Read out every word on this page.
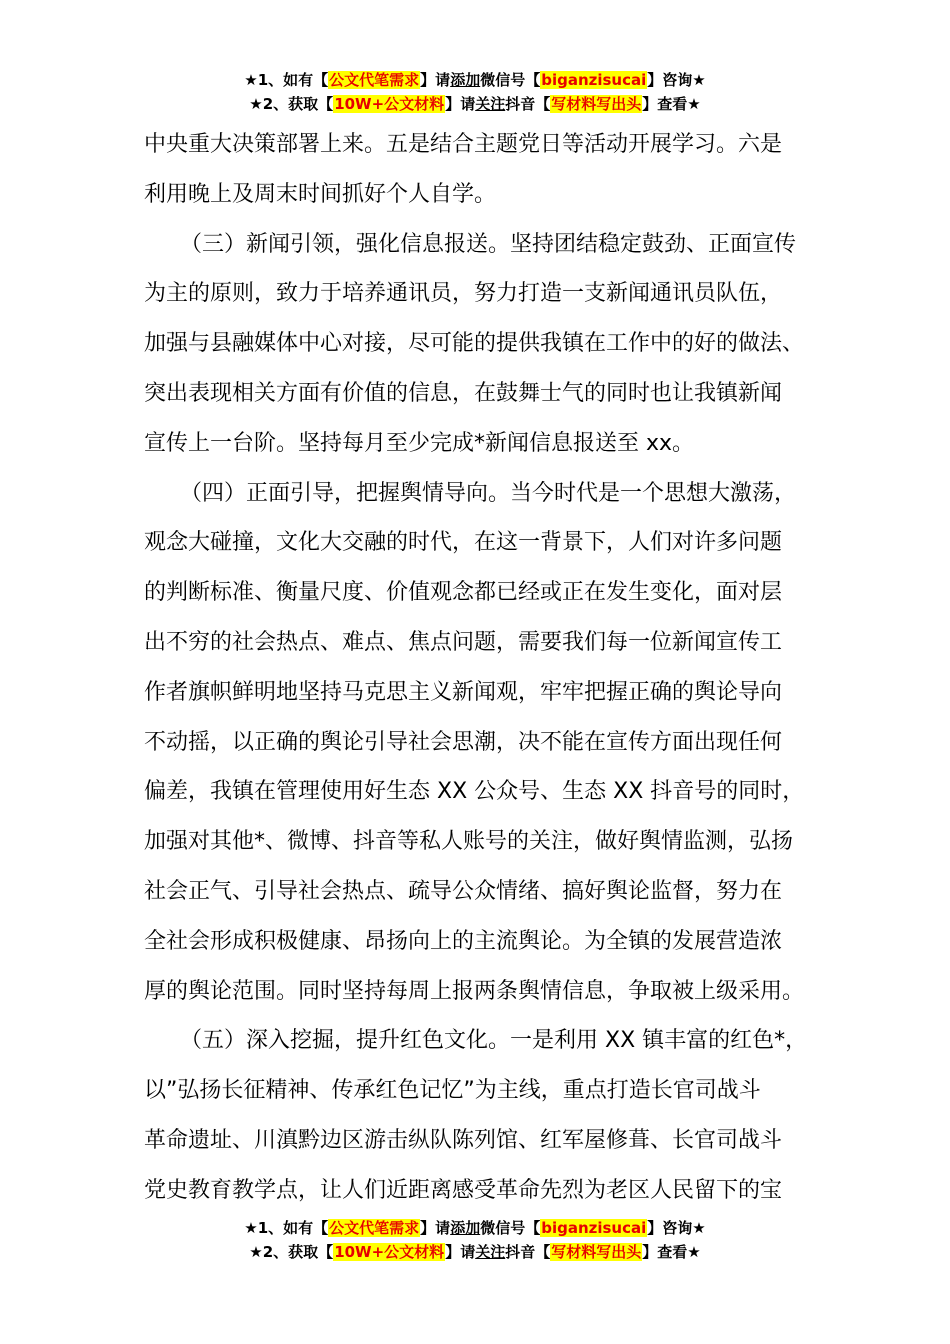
★1、如有【公文代笔需求】请添加微信号【biganzisucai】咨询★
★2、获取【10W+公文材料】请关注抖音【写材料写出头】查看★
中央重大决策部署上来。五是结合主题党日等活动开展学习。六是
利用晚上及周末时间抓好个人自学。
（三）新闻引领，强化信息报送。坚持团结稳定鼓劲、正面宣传
为主的原则，致力于培养通讯员，努力打造一支新闻通讯员队伍，
加强与县融媒体中心对接，尽可能的提供我镇在工作中的好的做法、
突出表现相关方面有价值的信息，在鼓舞士气的同时也让我镇新闻
宣传上一台阶。坚持每月至少完成*新闻信息报送至 xx。
（四）正面引导，把握舆情导向。当今时代是一个思想大激荡，
观念大碰撞，文化大交融的时代，在这一背景下，人们对许多问题
的判断标准、衡量尺度、价值观念都已经或正在发生变化，面对层
出不穷的社会热点、难点、焦点问题，需要我们每一位新闻宣传工
作者旗帜鲜明地坚持马克思主义新闻观，牢牢把握正确的舆论导向
不动摇，以正确的舆论引导社会思潮，决不能在宣传方面出现任何
偏差，我镇在管理使用好生态 XX 公众号、生态 XX 抖音号的同时，
加强对其他*、微博、抖音等私人账号的关注，做好舆情监测，弘扬
社会正气、引导社会热点、疏导公众情绪、搞好舆论监督，努力在
全社会形成积极健康、昂扬向上的主流舆论。为全镇的发展营造浓
厚的舆论范围。同时坚持每周上报两条舆情信息，争取被上级采用。
（五）深入挖掘，提升红色文化。一是利用 XX 镇丰富的红色*，
以”弘扬长征精神、传承红色记忆”为主线，重点打造长官司战斗
革命遗址、川滇黔边区游击纵队陈列馆、红军屋修葺、长官司战斗
党史教育教学点，让人们近距离感受革命先烈为老区人民留下的宝
★1、如有【公文代笔需求】请添加微信号【biganzisucai】咨询★
★2、获取【10W+公文材料】请关注抖音【写材料写出头】查看★
